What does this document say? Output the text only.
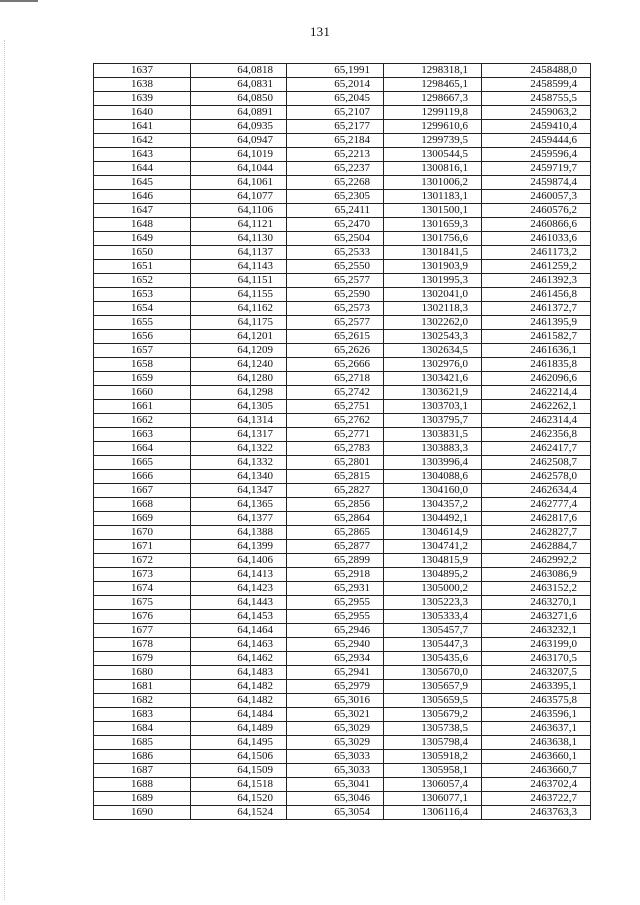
131
1637	64,0818	65,1991	1298318,1	2458488,0
1638	64,0831	65,2014	1298465,1	2458599,4
1639	64,0850	65,2045	1298667,3	2458755,5
1640	64,0891	65,2107	1299119,8	2459063,2
1641	64,0935	65,2177	1299610,6	2459410,4
1642	64,0947	65,2184	1299739,5	2459444,6
1643	64,1019	65,2213	1300544,5	2459596,4
1644	64,1044	65,2237	1300816,1	2459719,7
1645	64,1061	65,2268	1301006,2	2459874,4
1646	64,1077	65,2305	1301183,1	2460057,3
1647	64,1106	65,2411	1301500,1	2460576,2
1648	64,1121	65,2470	1301659,3	2460866,6
1649	64,1130	65,2504	1301756,6	2461033,6
1650	64,1137	65,2533	1301841,5	2461173,2
1651	64,1143	65,2550	1301903,9	2461259,2
1652	64,1151	65,2577	1301995,3	2461392,3
1653	64,1155	65,2590	1302041,0	2461456,8
1654	64,1162	65,2573	1302118,3	2461372,7
1655	64,1175	65,2577	1302262,0	2461395,9
1656	64,1201	65,2615	1302543,3	2461582,7
1657	64,1209	65,2626	1302634,5	2461636,1
1658	64,1240	65,2666	1302976,0	2461835,8
1659	64,1280	65,2718	1303421,6	2462096,6
1660	64,1298	65,2742	1303621,9	2462214,4
1661	64,1305	65,2751	1303703,1	2462262,1
1662	64,1314	65,2762	1303795,7	2462314,4
1663	64,1317	65,2771	1303831,5	2462356,8
1664	64,1322	65,2783	1303883,3	2462417,7
1665	64,1332	65,2801	1303996,4	2462508,7
1666	64,1340	65,2815	1304088,6	2462578,0
1667	64,1347	65,2827	1304160,0	2462634,4
1668	64,1365	65,2856	1304357,2	2462777,4
1669	64,1377	65,2864	1304492,1	2462817,6
1670	64,1388	65,2865	1304614,9	2462827,7
1671	64,1399	65,2877	1304741,2	2462884,7
1672	64,1406	65,2899	1304815,9	2462992,2
1673	64,1413	65,2918	1304895,2	2463086,9
1674	64,1423	65,2931	1305000,2	2463152,2
1675	64,1443	65,2955	1305223,3	2463270,1
1676	64,1453	65,2955	1305333,4	2463271,6
1677	64,1464	65,2946	1305457,7	2463232,1
1678	64,1463	65,2940	1305447,3	2463199,0
1679	64,1462	65,2934	1305435,6	2463170,5
1680	64,1483	65,2941	1305670,0	2463207,5
1681	64,1482	65,2979	1305657,9	2463395,1
1682	64,1482	65,3016	1305659,5	2463575,8
1683	64,1484	65,3021	1305679,2	2463596,1
1684	64,1489	65,3029	1305738,5	2463637,1
1685	64,1495	65,3029	1305798,4	2463638,1
1686	64,1506	65,3033	1305918,2	2463660,1
1687	64,1509	65,3033	1305958,1	2463660,7
1688	64,1518	65,3041	1306057,4	2463702,4
1689	64,1520	65,3046	1306077,1	2463722,7
1690	64,1524	65,3054	1306116,4	2463763,3
